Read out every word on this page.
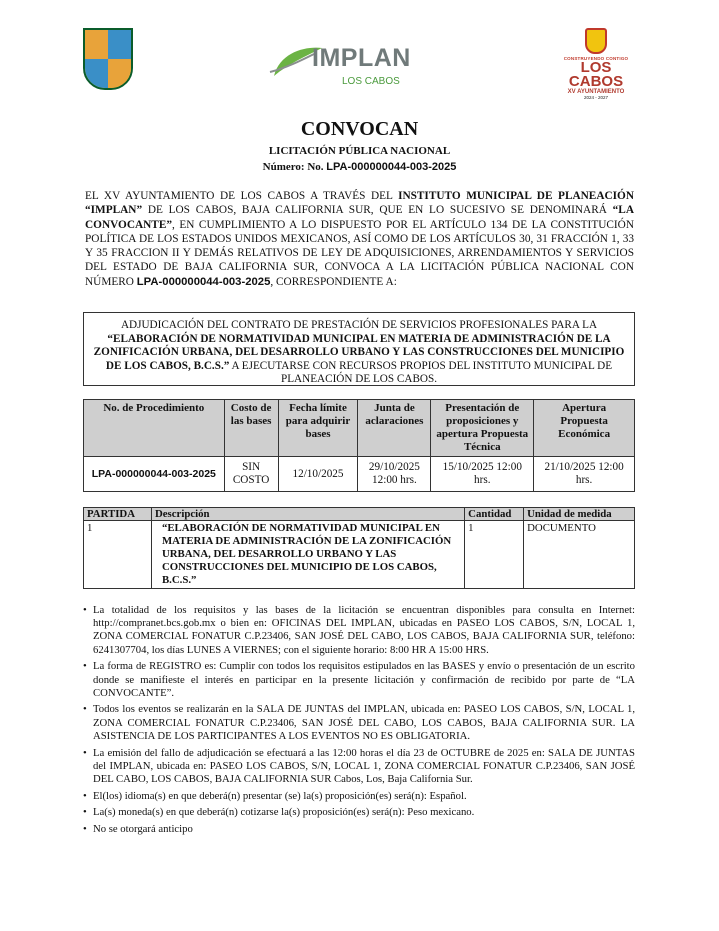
IMPLAN
LOS CABOS
CONSTRUYENDO CONTIGO
LOS CABOS
XV AYUNTAMIENTO
2024 - 2027
CONVOCAN
LICITACIÓN PÚBLICA NACIONAL
Número: No. LPA-000000044-003-2025
EL XV AYUNTAMIENTO DE LOS CABOS A TRAVÉS DEL INSTITUTO MUNICIPAL DE PLANEACIÓN “IMPLAN” DE LOS CABOS, BAJA CALIFORNIA SUR, QUE EN LO SUCESIVO SE DENOMINARÁ “LA CONVOCANTE”, EN CUMPLIMIENTO A LO DISPUESTO POR EL ARTÍCULO 134 DE LA CONSTITUCIÓN POLÍTICA DE LOS ESTADOS UNIDOS MEXICANOS, ASÍ COMO DE LOS ARTÍCULOS 30, 31 FRACCIÓN 1, 33 Y 35 FRACCION II Y DEMÁS RELATIVOS DE LEY DE ADQUISICIONES, ARRENDAMIENTOS Y SERVICIOS DEL ESTADO DE BAJA CALIFORNIA SUR, CONVOCA A LA LICITACIÓN PÚBLICA NACIONAL CON NÚMERO LPA-000000044-003-2025, CORRESPONDIENTE A:
ADJUDICACIÓN DEL CONTRATO DE PRESTACIÓN DE SERVICIOS PROFESIONALES PARA LA “ELABORACIÓN DE NORMATIVIDAD MUNICIPAL EN MATERIA DE ADMINISTRACIÓN DE LA ZONIFICACIÓN URBANA, DEL DESARROLLO URBANO Y LAS CONSTRUCCIONES DEL MUNICIPIO DE LOS CABOS, B.C.S.” A EJECUTARSE CON RECURSOS PROPIOS DEL INSTITUTO MUNICIPAL DE PLANEACIÓN DE LOS CABOS.
No. de Procedimiento	Costo de las bases	Fecha límite para adquirir bases	Junta de aclaraciones	Presentación de proposiciones y apertura Propuesta Técnica	Apertura Propuesta Económica
LPA-000000044-003-2025	SIN COSTO	12/10/2025	29/10/2025 12:00 hrs.	15/10/2025 12:00 hrs.	21/10/2025 12:00 hrs.
PARTIDA	Descripción	Cantidad	Unidad de medida
1	“ELABORACIÓN DE NORMATIVIDAD MUNICIPAL EN MATERIA DE ADMINISTRACIÓN DE LA ZONIFICACIÓN URBANA, DEL DESARROLLO URBANO Y LAS CONSTRUCCIONES DEL MUNICIPIO DE LOS CABOS, B.C.S.”	1	DOCUMENTO
• La totalidad de los requisitos y las bases de la licitación se encuentran disponibles para consulta en Internet: http://compranet.bcs.gob.mx o bien en: OFICINAS DEL IMPLAN, ubicadas en PASEO LOS CABOS, S/N, LOCAL 1, ZONA COMERCIAL FONATUR C.P.23406, SAN JOSÉ DEL CABO, LOS CABOS, BAJA CALIFORNIA SUR, teléfono: 6241307704, los días LUNES A VIERNES; con el siguiente horario: 8:00 HR A 15:00 HRS.
• La forma de REGISTRO es: Cumplir con todos los requisitos estipulados en las BASES y envío o presentación de un escrito donde se manifieste el interés en participar en la presente licitación y confirmación de recibido por parte de “LA CONVOCANTE”.
• Todos los eventos se realizarán en la SALA DE JUNTAS del IMPLAN, ubicada en: PASEO LOS CABOS, S/N, LOCAL 1, ZONA COMERCIAL FONATUR C.P.23406, SAN JOSÉ DEL CABO, LOS CABOS, BAJA CALIFORNIA SUR. LA ASISTENCIA DE LOS PARTICIPANTES A LOS EVENTOS NO ES OBLIGATORIA.
• La emisión del fallo de adjudicación se efectuará a las 12:00 horas el día 23 de OCTUBRE de 2025 en: SALA DE JUNTAS del IMPLAN, ubicada en: PASEO LOS CABOS, S/N, LOCAL 1, ZONA COMERCIAL FONATUR C.P.23406, SAN JOSÉ DEL CABO, LOS CABOS, BAJA CALIFORNIA SUR Cabos, Los, Baja California Sur.
• El(los) idioma(s) en que deberá(n) presentar (se) la(s) proposición(es) será(n): Español.
• La(s) moneda(s) en que deberá(n) cotizarse la(s) proposición(es) será(n): Peso mexicano.
• No se otorgará anticipo
